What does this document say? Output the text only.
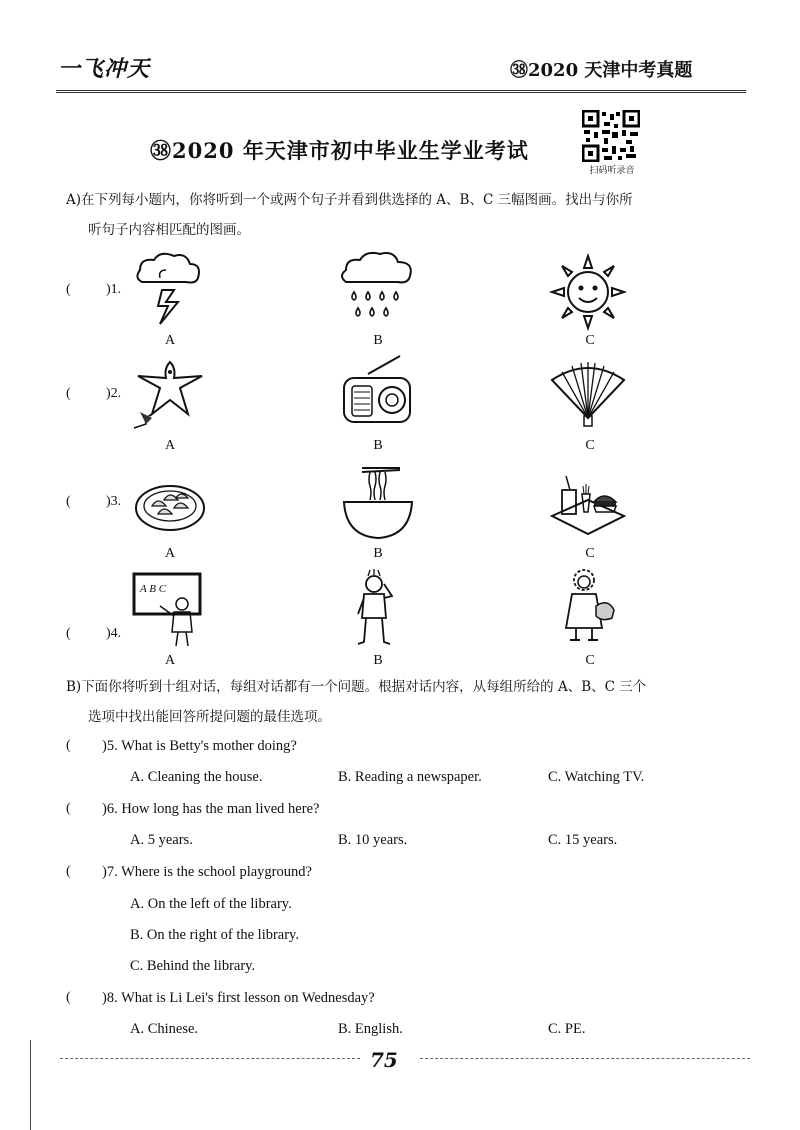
一飞冲天	㊳2020 天津中考真题
扫码听录音
㊳2020 年天津市初中毕业生学业考试
A)在下列每小题内，你将听到一个或两个句子并看到供选择的 A、B、C 三幅图画。找出与你所
听句子内容相匹配的图画。
(	)1.
A	B	C
(	)2.
A	B	C
(	)3.
A	B	C
(	)4.
A B C
A	B	C
B)下面你将听到十组对话，每组对话都有一个问题。根据对话内容，从每组所给的 A、B、C 三个
选项中找出能回答所提问题的最佳选项。
( )5. What is Betty's mother doing?
A. Cleaning the house.	B. Reading a newspaper.	C. Watching TV.
( )6. How long has the man lived here?
A. 5 years.	B. 10 years.	C. 15 years.
( )7. Where is the school playground?
A. On the left of the library.
B. On the right of the library.
C. Behind the library.
( )8. What is Li Lei's first lesson on Wednesday?
A. Chinese.	B. English.	C. PE.
75
